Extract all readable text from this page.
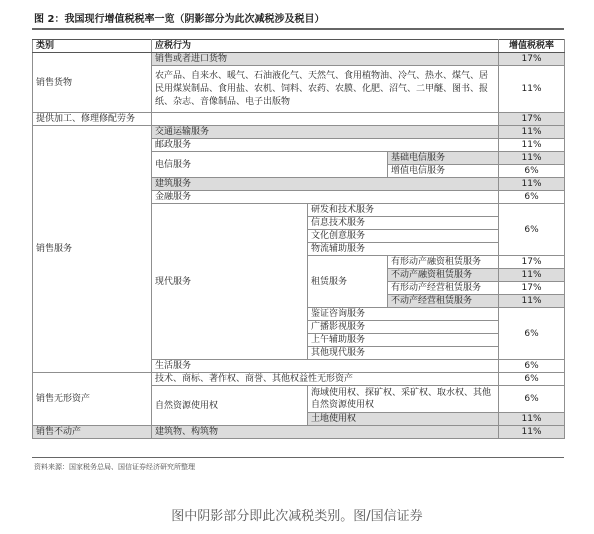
图 2：我国现行增值税税率一览（阴影部分为此次减税涉及税目）
类别	应税行为			增值税税率
销售货物	销售或者进口货物			17%
	农产品、自来水、暖气、石油液化气、天然气、食用植物油、冷气、热水、煤气、居民用煤炭制品、食用盐、农机、饲料、农药、农膜、化肥、沼气、二甲醚、图书、报纸、杂志、音像制品、电子出版物			11%
提供加工、修理修配劳务				17%
销售服务	交通运输服务			11%
	邮政服务			11%
	电信服务		基础电信服务	11%
			增值电信服务	6%
	建筑服务			11%
	金融服务			6%
	现代服务	研发和技术服务		6%
		信息技术服务		
		文化创意服务		
		物流辅助服务		
		租赁服务	有形动产融资租赁服务	17%
			不动产融资租赁服务	11%
			有形动产经营租赁服务	17%
			不动产经营租赁服务	11%
		鉴证咨询服务		6%
		广播影视服务		
		上午辅助服务		
		其他现代服务		
	生活服务			6%
销售无形资产	技术、商标、著作权、商誉、其他权益性无形资产			6%
	自然资源使用权	海域使用权、探矿权、采矿权、取水权、其他自然资源使用权		6%
		土地使用权		11%
销售不动产	建筑物、构筑物			11%
资料来源：国家税务总局、国信证券经济研究所整理
图中阴影部分即此次减税类别。图/国信证券
